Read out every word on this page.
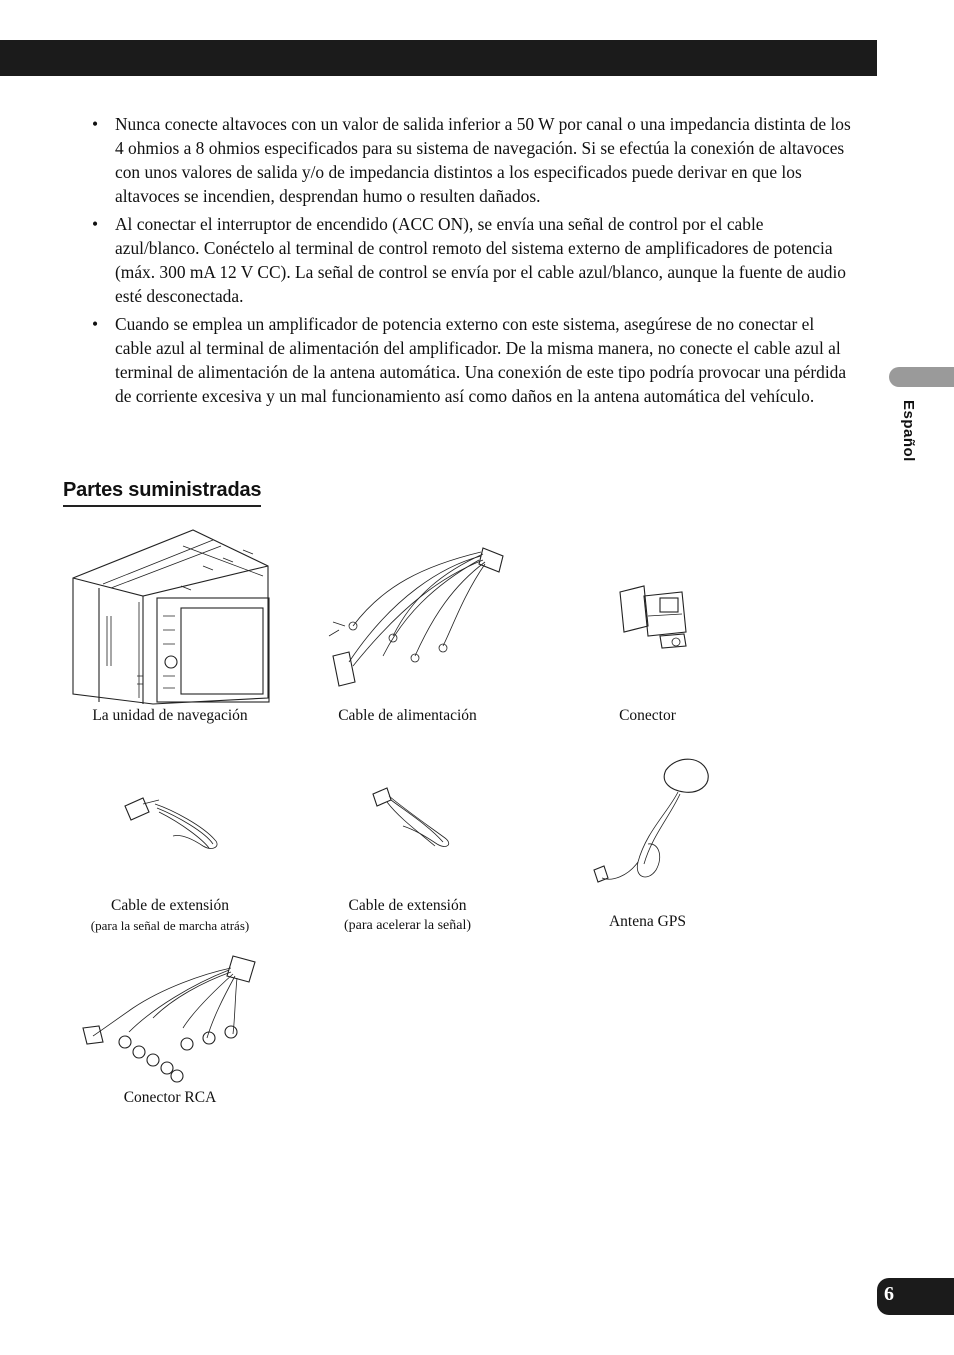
• Nunca conecte altavoces con un valor de salida inferior a 50 W por canal o una impedancia distinta de los 4 ohmios a 8 ohmios especificados para su sistema de navegación. Si se efectúa la conexión de altavoces con unos valores de salida y/o de impedancia distintos a los especificados puede derivar en que los altavoces se incendien, desprendan humo o resulten dañados.
• Al conectar el interruptor de encendido (ACC ON), se envía una señal de control por el cable azul/blanco. Conéctelo al terminal de control remoto del sistema externo de amplificadores de potencia (máx. 300 mA 12 V CC). La señal de control se envía por el cable azul/blanco, aunque la fuente de audio esté desconectada.
• Cuando se emplea un amplificador de potencia externo con este sistema, asegúrese de no conectar el cable azul al terminal de alimentación del amplificador. De la misma manera, no conecte el cable azul al terminal de alimentación de la antena automática. Una conexión de este tipo podría provocar una pérdida de corriente excesiva y un mal funcionamiento así como daños en la antena automática del vehículo.
Partes suministradas
La unidad de navegación	Cable de alimentación	Conector
Cable de extensión
(para la señal de marcha atrás)
Cable de extensión
(para acelerar la señal)	Antena GPS
Conector RCA
Español
6
